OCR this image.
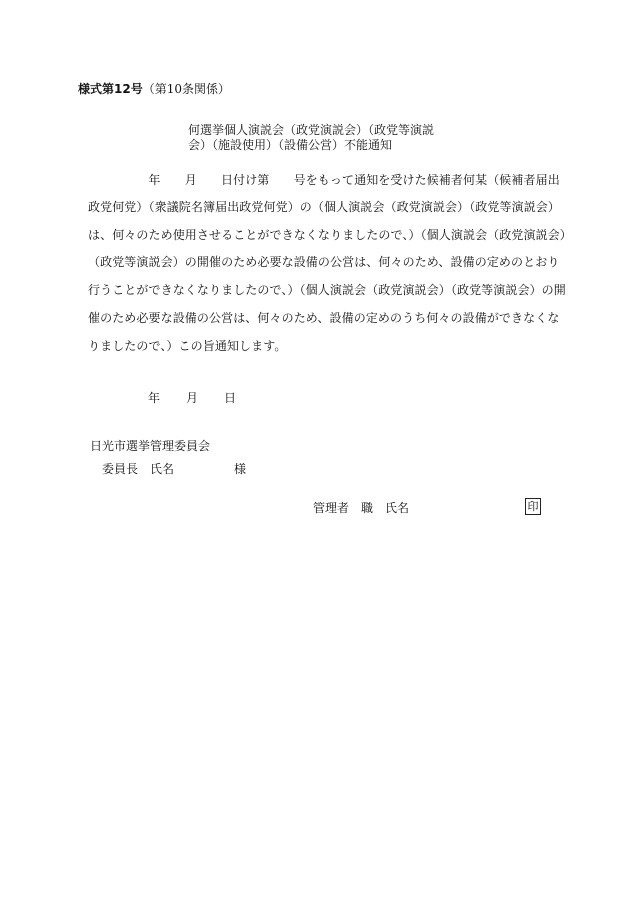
様式第12号（第10条関係）
何選挙個人演説会（政党演説会）（政党等演説
会）（施設使用）（設備公営）不能通知
　　　　年　　月　　日付け第　　号をもって通知を受けた候補者何某（候補者届出
政党何党）（衆議院名簿届出政党何党）の（個人演説会（政党演説会）（政党等演説会）
は、何々のため使用させることができなくなりましたので、）（個人演説会（政党演説会）
（政党等演説会）の開催のため必要な設備の公営は、何々のため、設備の定めのとおり
行うことができなくなりましたので、）（個人演説会（政党演説会）（政党等演説会）の開
催のため必要な設備の公営は、何々のため、設備の定めのうち何々の設備ができなくな
りましたので、）この旨通知します。
年 月 日
日光市選挙管理委員会
委員長　氏名　　　　　様
管理者　職　氏名	印
